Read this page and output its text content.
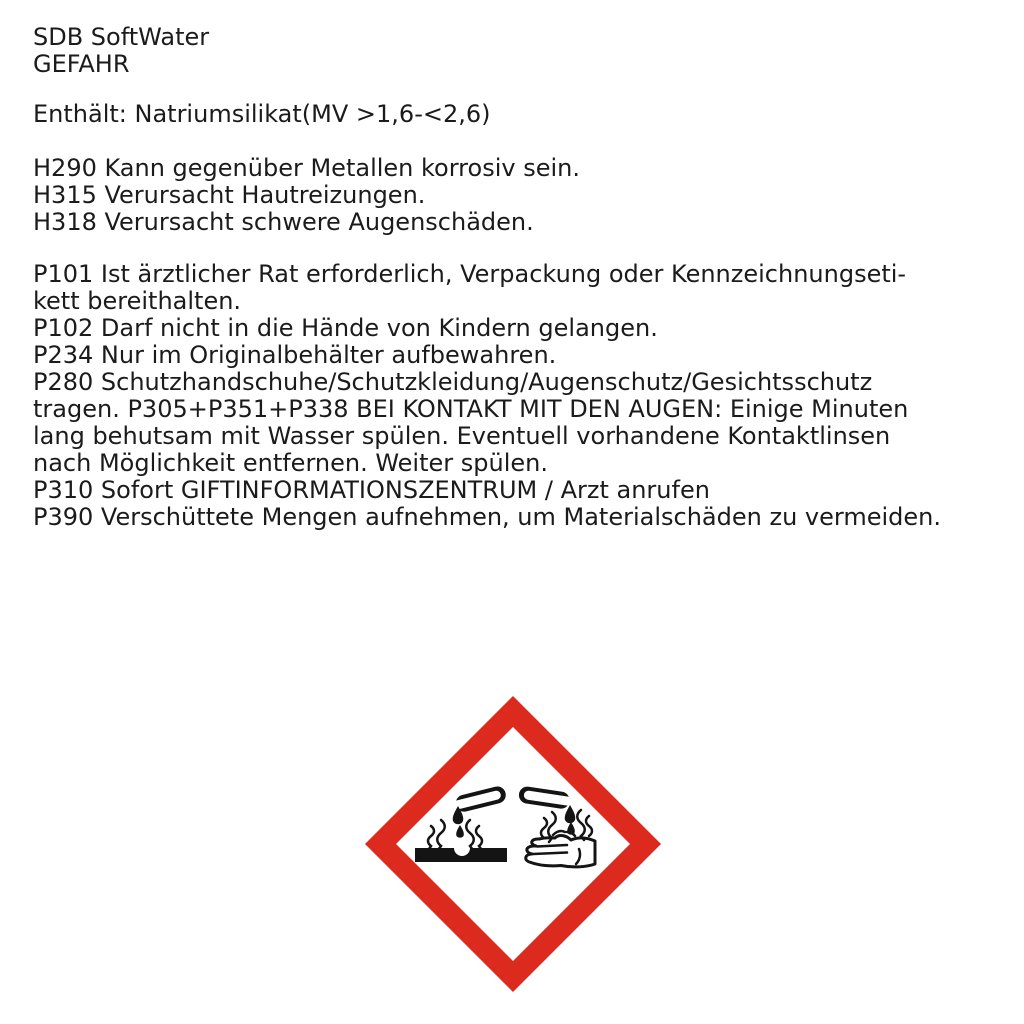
SDB SoftWater
GEFAHR
Enthält: Natriumsilikat(MV >1,6-<2,6)
H290 Kann gegenüber Metallen korrosiv sein.
H315 Verursacht Hautreizungen.
H318 Verursacht schwere Augenschäden.
P101 Ist ärztlicher Rat erforderlich, Verpackung oder Kennzeichnungseti-
kett bereithalten.
P102 Darf nicht in die Hände von Kindern gelangen.
P234 Nur im Originalbehälter aufbewahren.
P280 Schutzhandschuhe/Schutzkleidung/Augenschutz/Gesichtsschutz
tragen. P305+P351+P338 BEI KONTAKT MIT DEN AUGEN: Einige Minuten
lang behutsam mit Wasser spülen. Eventuell vorhandene Kontaktlinsen
nach Möglichkeit entfernen. Weiter spülen.
P310 Sofort GIFTINFORMATIONSZENTRUM / Arzt anrufen
P390 Verschüttete Mengen aufnehmen, um Materialschäden zu vermeiden.
